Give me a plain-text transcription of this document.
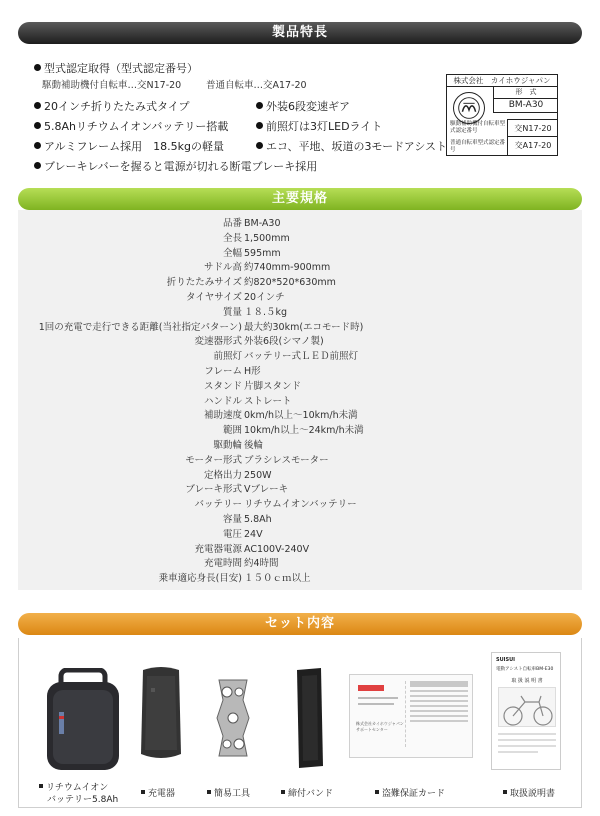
製品特長
型式認定取得（型式認定番号）
駆動補助機付自転車…交N17-20	普通自転車…交A17-20
20インチ折りたたみ式タイプ	外装6段変速ギア
5.8Ahリチウムイオンバッテリー搭載	前照灯は3灯LEDライト
アルミフレーム採用　18.5kgの軽量	エコ、平地、坂道の3モードアシスト
ブレーキレバーを握ると電源が切れる断電ブレーキ採用
株式会社　カイホウジャパン
形　式
BM-A30
駆動補助機付自転車型式認定番号	交N17-20
普通自転車型式認定番号	交A17-20
主要規格
品番 BM-A30
全長 1,500mm
全幅 595mm
サドル高 約740mm-900mm
折りたたみサイズ 約820*520*630mm
タイヤサイズ 20インチ
質量 １８.５kg
1回の充電で走行できる距離(当社指定パターン) 最大約30km(エコモード時)
変速器形式 外装6段(シマノ製)
前照灯 バッテリー式ＬＥＤ前照灯
フレーム H形
スタンド 片脚スタンド
ハンドル ストレート
補助速度 0km/h以上～10km/h未満
範囲 10km/h以上～24km/h未満
駆動輪 後輪
モーター形式 ブラシレスモーター
定格出力 250W
ブレーキ形式 Vブレーキ
バッテリー リチウムイオンバッテリー
容量 5.8Ah
電圧 24V
充電器電源 AC100V-240V
充電時間 約4時間
乗車適応身長(目安) １５０ｃｍ以上
セット内容
リチウムイオン
バッテリー5.8Ah
充電器	簡易工具	締付バンド
株式会社カイホウジャパン サポートセンター
盗難保証カード
SUISUI
電動アシスト自転車BM-E30
取 扱 説 明 書
取扱説明書
